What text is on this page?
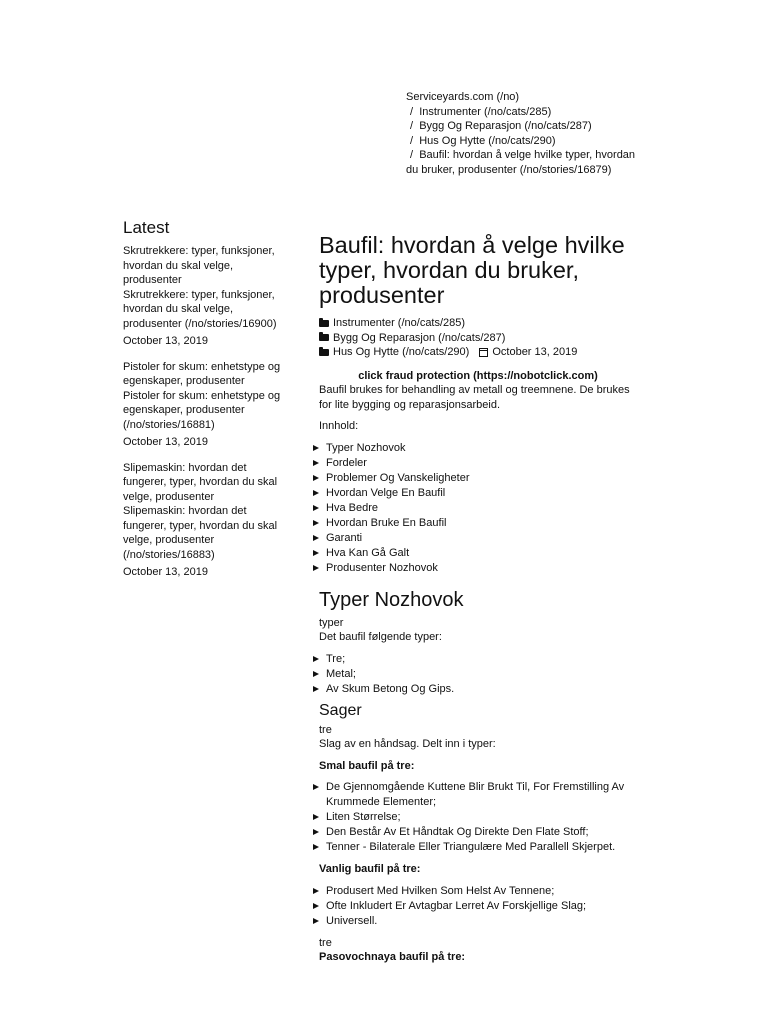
Serviceyards.com (/no)
/ Instrumenter (/no/cats/285)
/ Bygg Og Reparasjon (/no/cats/287)
/ Hus Og Hytte (/no/cats/290)
/ Baufil: hvordan å velge hvilke typer, hvordan du bruker, produsenter (/no/stories/16879)
Latest
Skrutrekkere: typer, funksjoner, hvordan du skal velge, produsenter
Skrutrekkere: typer, funksjoner, hvordan du skal velge, produsenter (/no/stories/16900)
October 13, 2019
Pistoler for skum: enhetstype og egenskaper, produsenter
Pistoler for skum: enhetstype og egenskaper, produsenter (/no/stories/16881)
October 13, 2019
Slipemaskin: hvordan det fungerer, typer, hvordan du skal velge, produsenter
Slipemaskin: hvordan det fungerer, typer, hvordan du skal velge, produsenter (/no/stories/16883)
October 13, 2019
Baufil: hvordan å velge hvilke typer, hvordan du bruker, produsenter
Instrumenter (/no/cats/285)
Bygg Og Reparasjon (/no/cats/287)
Hus Og Hytte (/no/cats/290) October 13, 2019
click fraud protection (https://nobotclick.com)

Baufil brukes for behandling av metall og treemnene. De brukes for lite bygging og reparasjonsarbeid.

Innhold:

Typer Nozhovok
Fordeler
Problemer Og Vanskeligheter
Hvordan Velge En Baufil
Hva Bedre
Hvordan Bruke En Baufil
Garanti
Hva Kan Gå Galt
Produsenter Nozhovok
Typer Nozhovok
typer

Det baufil følgende typer:

Tre;
Metal;
Av Skum Betong Og Gips.
Sager
tre

Slag av en håndsag. Delt inn i typer:

Smal baufil på tre:

De Gjennomgående Kuttene Blir Brukt Til, For Fremstilling Av Krummede Elementer;
Liten Størrelse;
Den Består Av Et Håndtak Og Direkte Den Flate Stoff;
Tenner - Bilaterale Eller Triangulære Med Parallell Skjerpet.

Vanlig baufil på tre:

Produsert Med Hvilken Som Helst Av Tennene;
Ofte Inkludert Er Avtagbar Lerret Av Forskjellige Slag;
Universell.
tre

Pasovochnaya baufil på tre:
